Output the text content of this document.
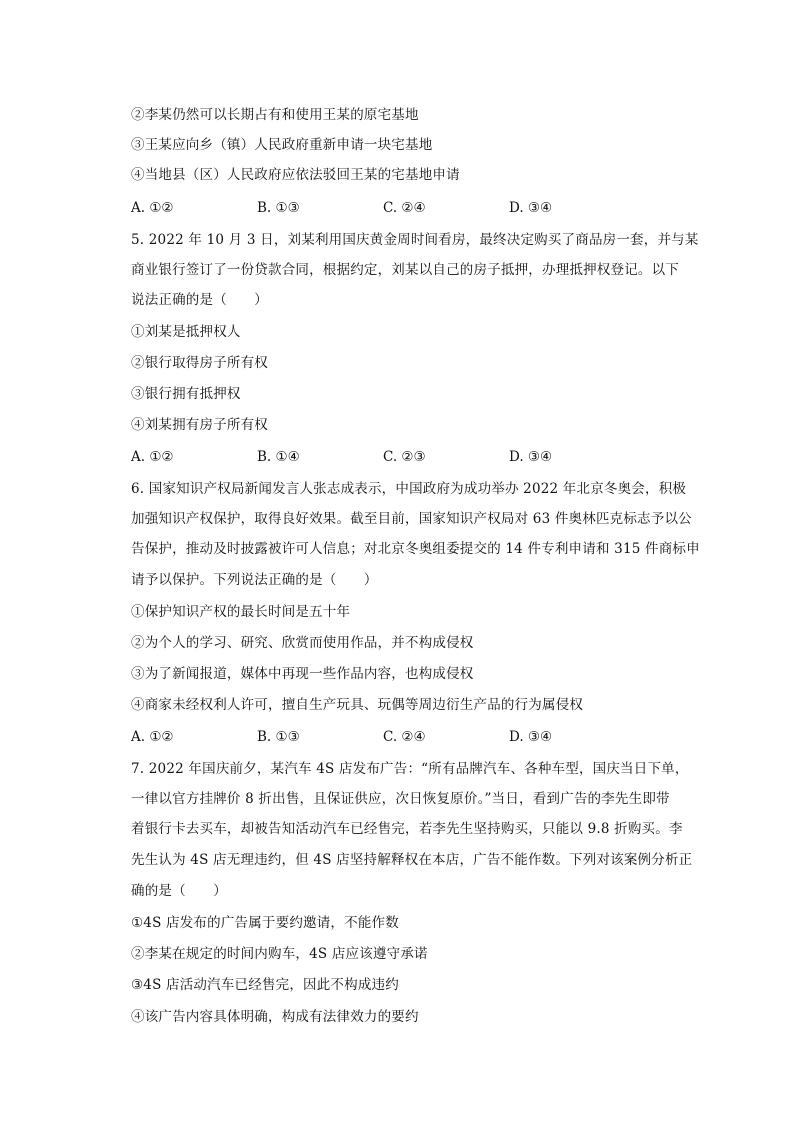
②李某仍然可以长期占有和使用王某的原宅基地
③王某应向乡（镇）人民政府重新申请一块宅基地
④当地县（区）人民政府应依法驳回王某的宅基地申请
A. ①②	B. ①③	C. ②④	D. ③④
5. 2022 年 10 月 3 日，刘某利用国庆黄金周时间看房，最终决定购买了商品房一套，并与某
商业银行签订了一份贷款合同，根据约定，刘某以自己的房子抵押，办理抵押权登记。以下
说法正确的是（　　）
①刘某是抵押权人
②银行取得房子所有权
③银行拥有抵押权
④刘某拥有房子所有权
A. ①②	B. ①④	C. ②③	D. ③④
6. 国家知识产权局新闻发言人张志成表示，中国政府为成功举办 2022 年北京冬奥会，积极
加强知识产权保护，取得良好效果。截至目前，国家知识产权局对 63 件奥林匹克标志予以公
告保护，推动及时披露被许可人信息；对北京冬奥组委提交的 14 件专利申请和 315 件商标申
请予以保护。下列说法正确的是（　　）
①保护知识产权的最长时间是五十年
②为个人的学习、研究、欣赏而使用作品，并不构成侵权
③为了新闻报道，媒体中再现一些作品内容，也构成侵权
④商家未经权利人许可，擅自生产玩具、玩偶等周边衍生产品的行为属侵权
A. ①②	B. ①③	C. ②④	D. ③④
7. 2022 年国庆前夕，某汽车 4S 店发布广告：“所有品牌汽车、各种车型，国庆当日下单，
一律以官方挂牌价 8 折出售，且保证供应，次日恢复原价。”当日，看到广告的李先生即带
着银行卡去买车，却被告知活动汽车已经售完，若李先生坚持购买，只能以 9.8 折购买。李
先生认为 4S 店无理违约，但 4S 店坚持解释权在本店，广告不能作数。下列对该案例分析正
确的是（　　）
①4S 店发布的广告属于要约邀请，不能作数
②李某在规定的时间内购车，4S 店应该遵守承诺
③4S 店活动汽车已经售完，因此不构成违约
④该广告内容具体明确，构成有法律效力的要约
